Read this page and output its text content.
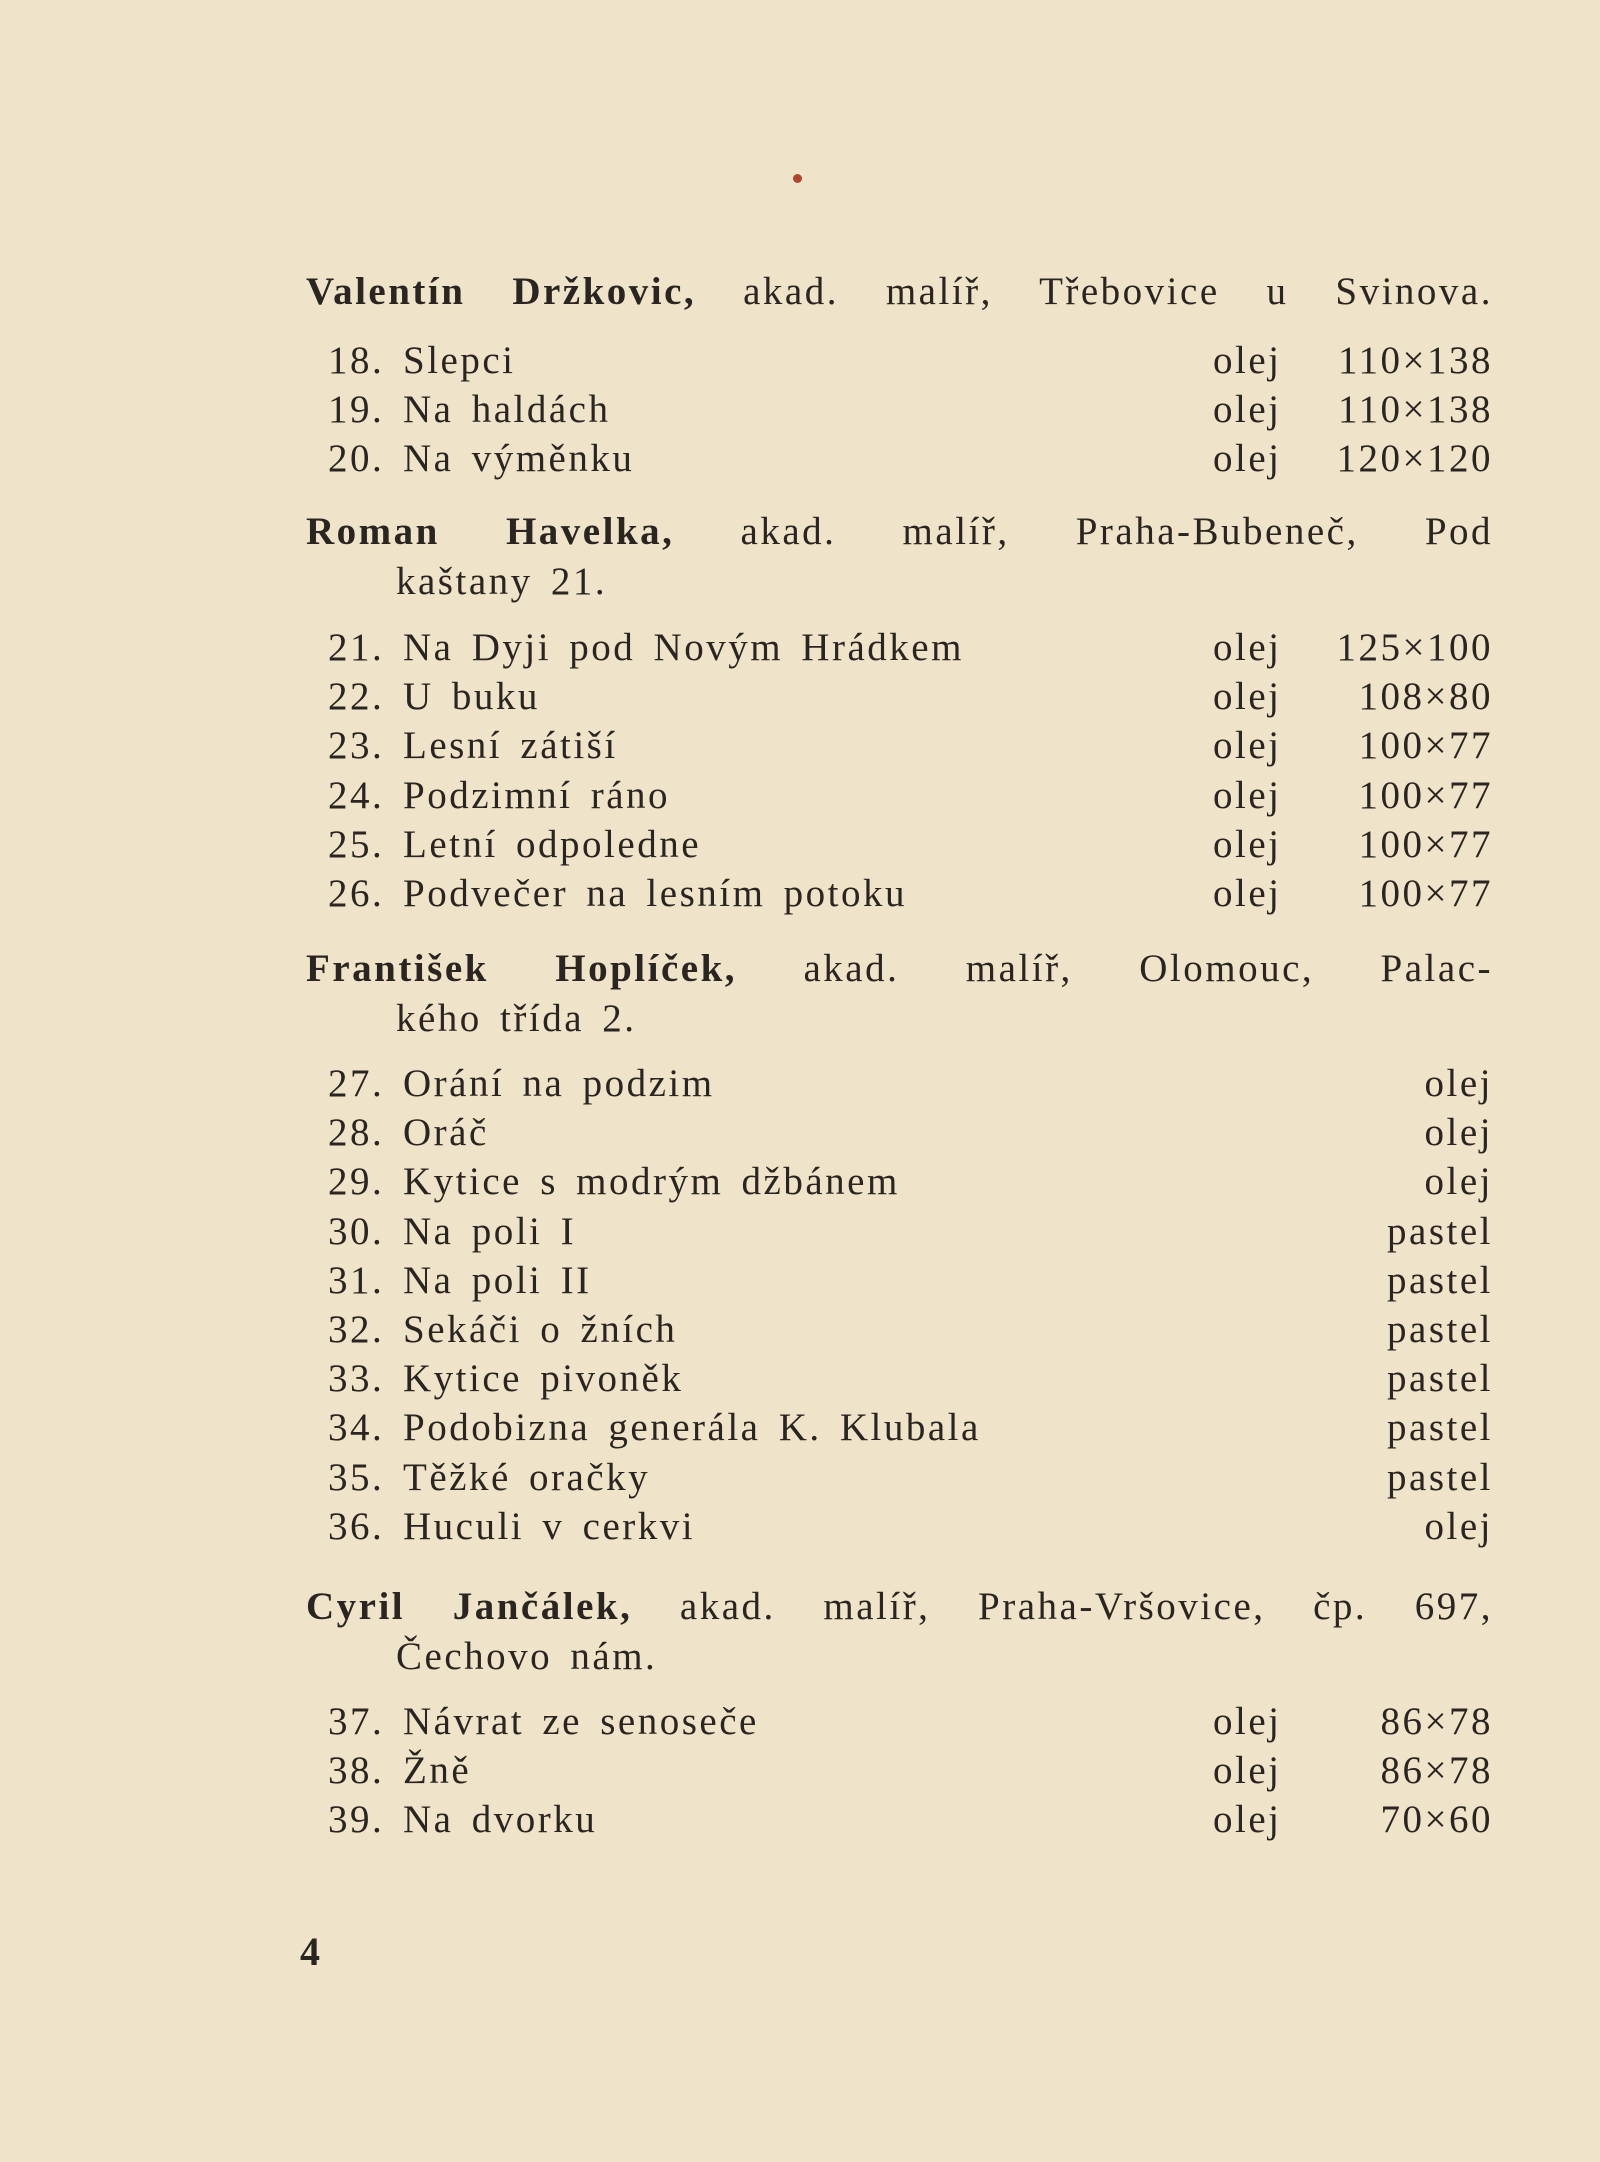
Valentín Držkovic, akad. malíř, Třebovice u Svinova.
18. Slepci	olej 110×138
19. Na haldách	olej 110×138
20. Na výměnku	olej 120×120
Roman Havelka, akad. malíř, Praha-Bubeneč, Pod
kaštany 21.
21. Na Dyji pod Novým Hrádkem	olej 125×100
22. U buku	olej 108×80
23. Lesní zátiší	olej 100×77
24. Podzimní ráno	olej 100×77
25. Letní odpoledne	olej 100×77
26. Podvečer na lesním potoku	olej 100×77
František Hoplíček, akad. malíř, Olomouc, Palac-
kého třída 2.
27. Orání na podzim	olej
28. Oráč	olej
29. Kytice s modrým džbánem	olej
30. Na poli I	pastel
31. Na poli II	pastel
32. Sekáči o žních	pastel
33. Kytice pivoněk	pastel
34. Podobizna generála K. Klubala	pastel
35. Těžké oračky	pastel
36. Huculi v cerkvi	olej
Cyril Jančálek, akad. malíř, Praha-Vršovice, čp. 697,
Čechovo nám.
37. Návrat ze senoseče	olej	86×78
38. Žně	olej	86×78
39. Na dvorku	olej	70×60
4
